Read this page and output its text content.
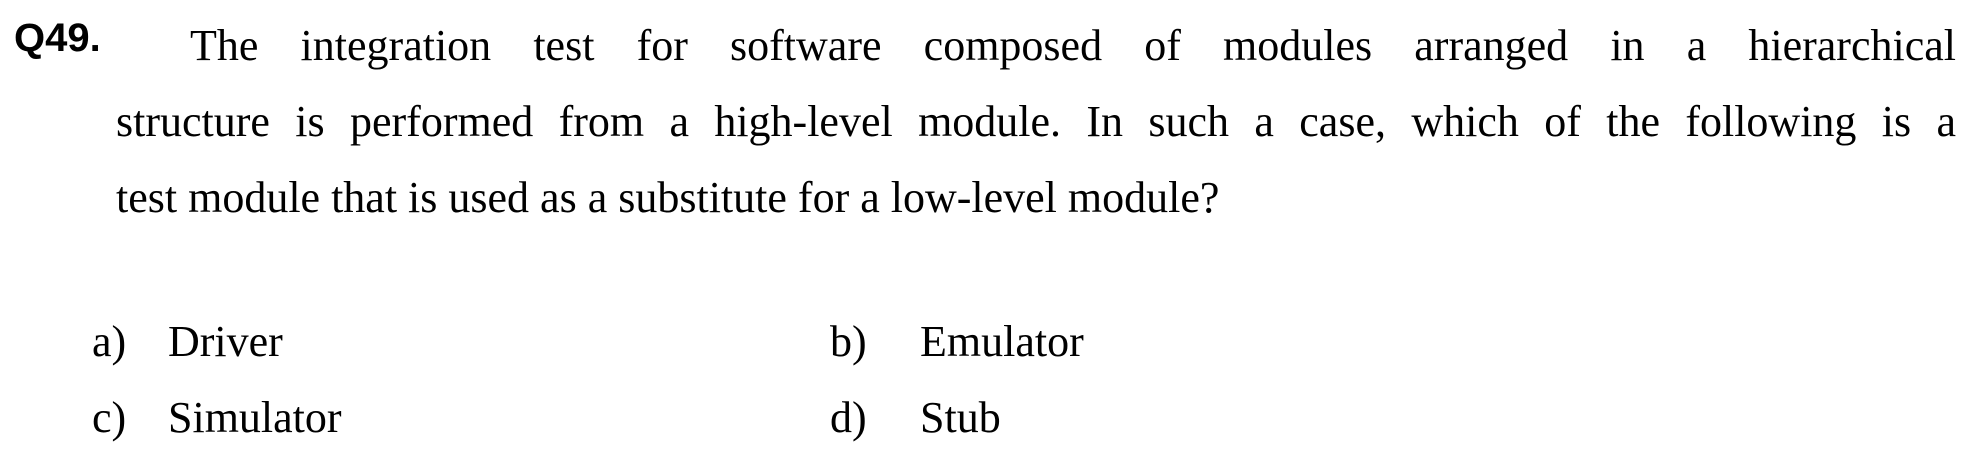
Q49.	The integration test for software composed of modules arranged in a hierarchical
structure is performed from a high-level module. In such a case, which of the following is a
test module that is used as a substitute for a low-level module?
a) Driver	b)	Emulator
c) Simulator	d)	Stub
